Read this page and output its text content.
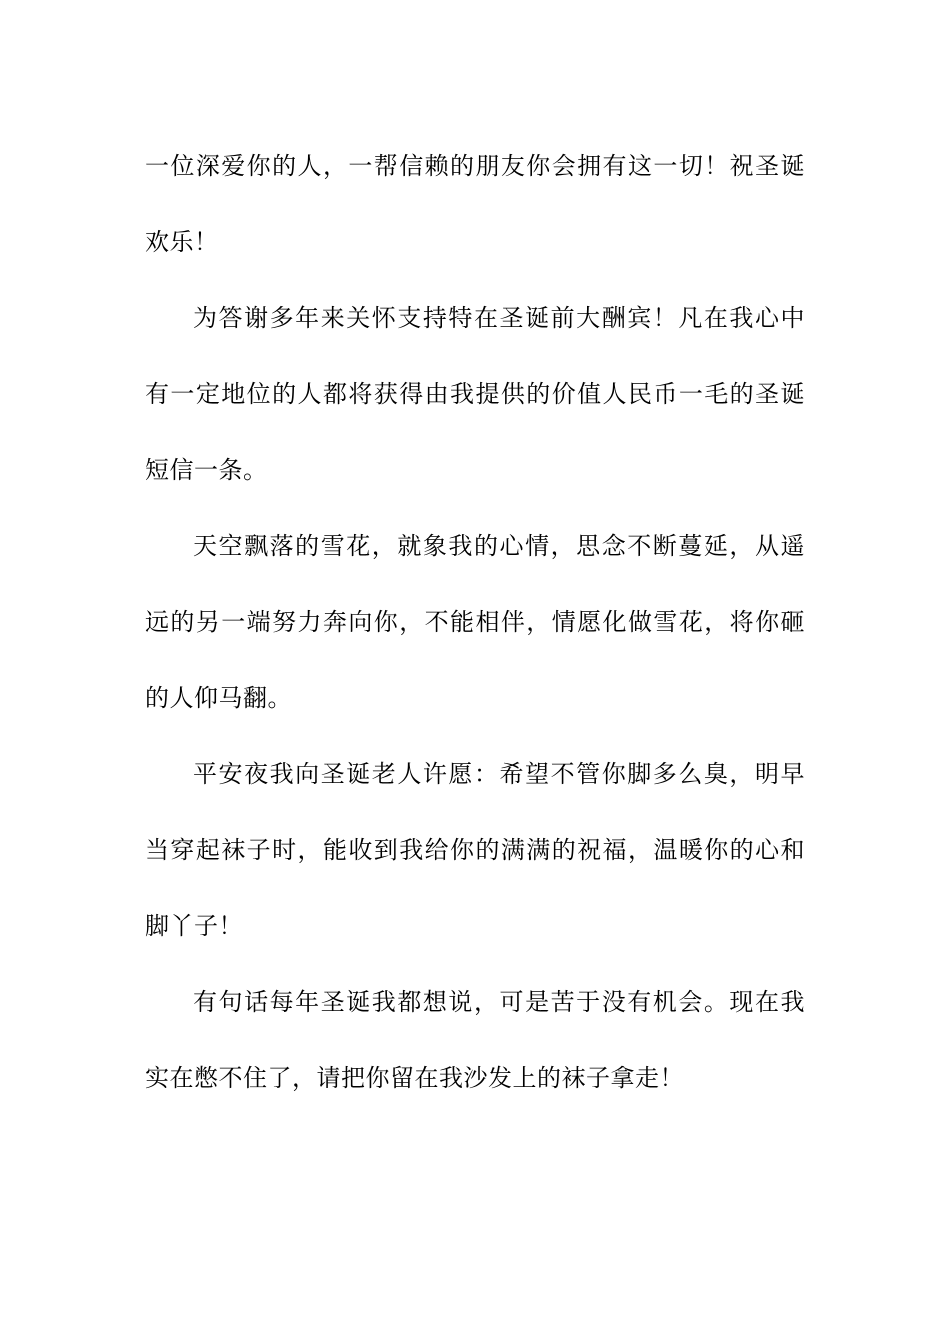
一位深爱你的人，一帮信赖的朋友你会拥有这一切！祝圣诞欢乐！

为答谢多年来关怀支持特在圣诞前大酬宾！凡在我心中有一定地位的人都将获得由我提供的价值人民币一毛的圣诞短信一条。

天空飘落的雪花，就象我的心情，思念不断蔓延，从遥远的另一端努力奔向你，不能相伴，情愿化做雪花，将你砸的人仰马翻。

平安夜我向圣诞老人许愿：希望不管你脚多么臭，明早当穿起袜子时，能收到我给你的满满的祝福，温暖你的心和脚丫子！

有句话每年圣诞我都想说，可是苦于没有机会。现在我实在憋不住了，请把你留在我沙发上的袜子拿走！
